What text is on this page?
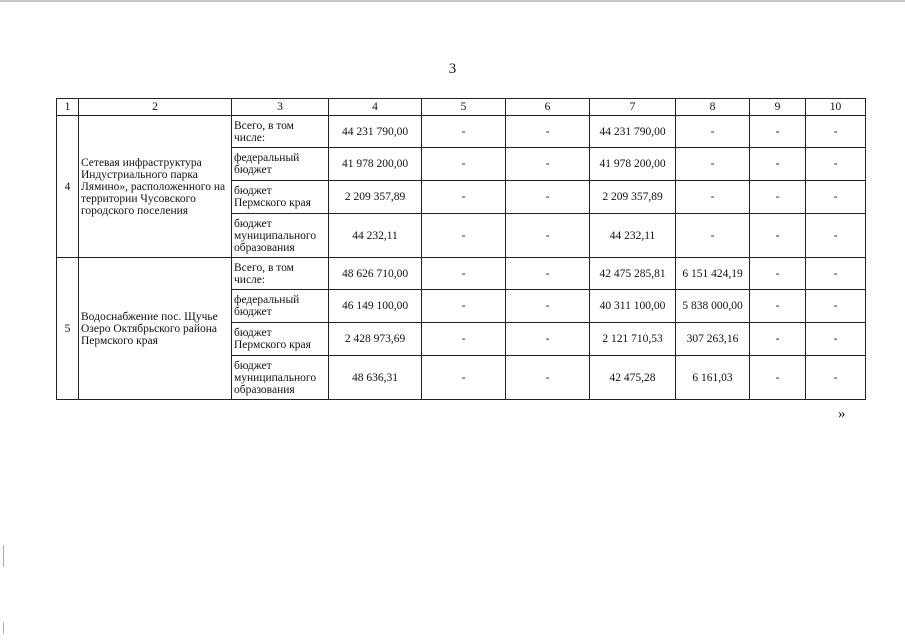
3
1	2	3	4	5	6	7	8	9	10
4	Сетевая инфраструктура Индустриального парка Лямино», расположенного на территории Чусовского городского поселения	Всего, в том числе:	44 231 790,00	-	-	44 231 790,00	-	-	-
		федеральный бюджет	41 978 200,00	-	-	41 978 200,00	-	-	-
		бюджет Пермского края	2 209 357,89	-	-	2 209 357,89	-	-	-
		бюджет муниципального образования	44 232,11	-	-	44 232,11	-	-	-
5	Водоснабжение пос. Щучье Озеро Октябрьского района Пермского края	Всего, в том числе:	48 626 710,00	-	-	42 475 285,81	6 151 424,19	-	-
		федеральный бюджет	46 149 100,00	-	-	40 311 100,00	5 838 000,00	-	-
		бюджет Пермского края	2 428 973,69	-	-	2 121 710,53	307 263,16	-	-
		бюджет муниципального образования	48 636,31	-	-	42 475,28	6 161,03	-	-
»
